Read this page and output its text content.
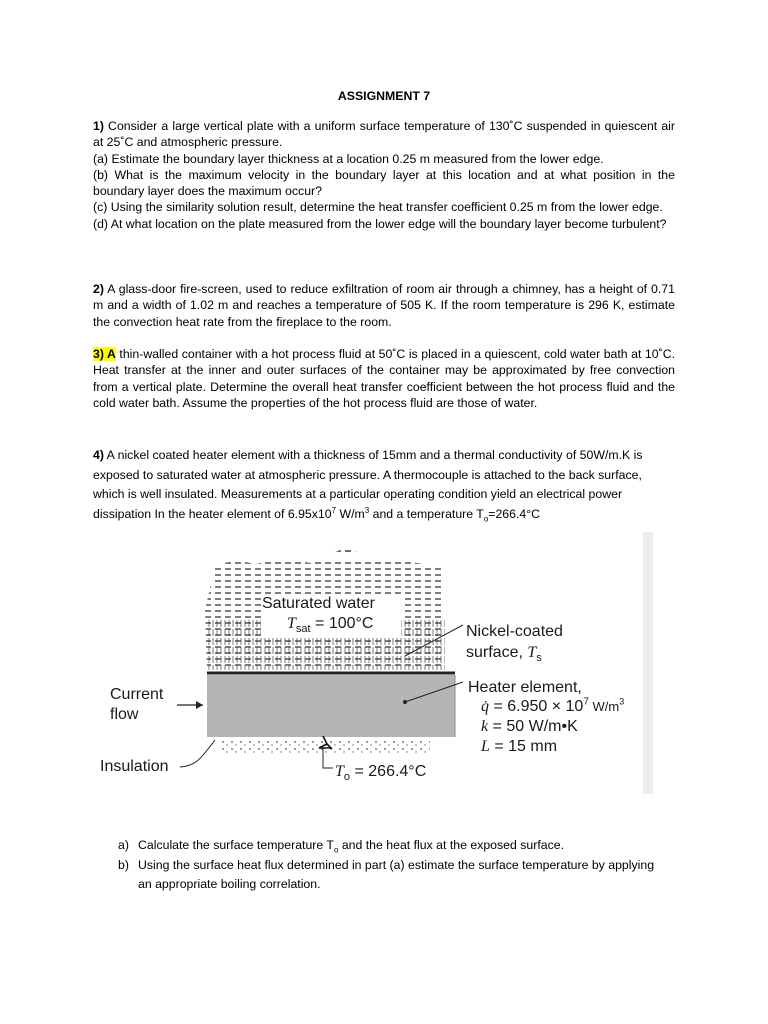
ASSIGNMENT 7
1) Consider a large vertical plate with a uniform surface temperature of 130˚C suspended in quiescent air at 25˚C and atmospheric pressure.
(a) Estimate the boundary layer thickness at a location 0.25 m measured from the lower edge.
(b) What is the maximum velocity in the boundary layer at this location and at what position in the boundary layer does the maximum occur?
(c) Using the similarity solution result, determine the heat transfer coefficient 0.25 m from the lower edge.
(d) At what location on the plate measured from the lower edge will the boundary layer become turbulent?
2) A glass-door fire-screen, used to reduce exfiltration of room air through a chimney, has a height of 0.71 m and a width of 1.02 m and reaches a temperature of 505 K. If the room temperature is 296 K, estimate the convection heat rate from the fireplace to the room.
3) A thin-walled container with a hot process fluid at 50˚C is placed in a quiescent, cold water bath at 10˚C. Heat transfer at the inner and outer surfaces of the container may be approximated by free convection from a vertical plate. Determine the overall heat transfer coefficient between the hot process fluid and the cold water bath. Assume the properties of the hot process fluid are those of water.
4) A nickel coated heater element with a thickness of 15mm and a thermal conductivity of 50W/m.K is exposed to saturated water at atmospheric pressure. A thermocouple is attached to the back surface, which is well insulated. Measurements at a particular operating condition yield an electrical power dissipation In the heater element of $6.95x10^7$ $W/m^3$ and a temperature $T_o=266.4^\circ C$
Saturated water
$T_{sat} = 100^\circ C$	Nickel-coated
surface, $T_s$
Heater element,
q̇ = $6.950 \times 10^7$ $W/m^3$
k = 50 W/m•K
L = 15 mm
Current
flow
Insulation	$T_o = 266.4^\circ C$
a) Calculate the surface temperature $T_o$ and the heat flux at the exposed surface.
b) Using the surface heat flux determined in part (a) estimate the surface temperature by applying an appropriate boiling correlation.
